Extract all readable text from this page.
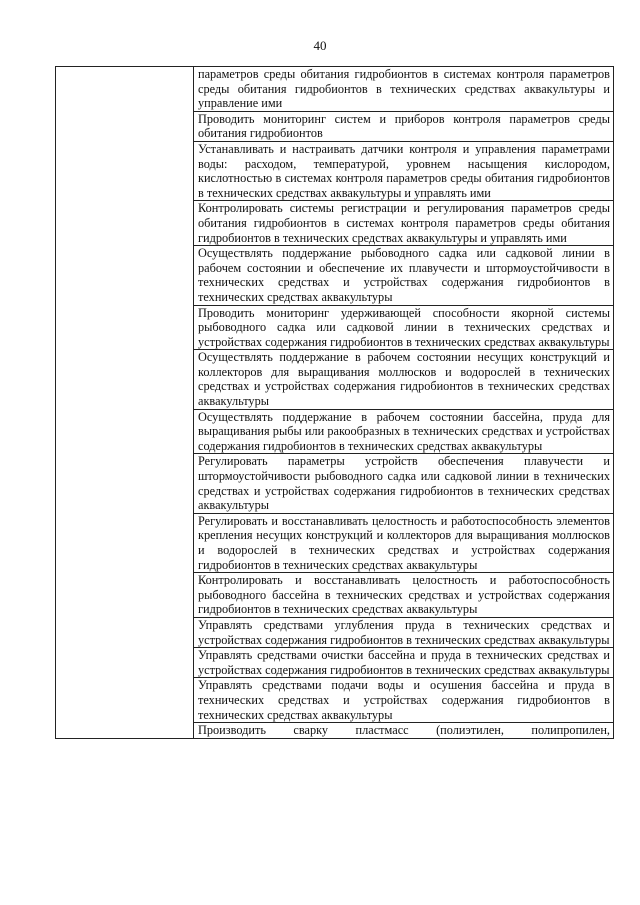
40

параметров среды обитания гидробионтов в системах контроля параметров среды обитания гидробионтов в технических средствах аквакультуры и управление ими

Проводить мониторинг систем и приборов контроля параметров среды обитания гидробионтов

Устанавливать и настраивать датчики контроля и управления параметрами воды: расходом, температурой, уровнем насыщения кислородом, кислотностью в системах контроля параметров среды обитания гидробионтов в технических средствах аквакультуры и управлять ими

Контролировать системы регистрации и регулирования параметров среды обитания гидробионтов в системах контроля параметров среды обитания гидробионтов в технических средствах аквакультуры и управлять ими

Осуществлять поддержание рыбоводного садка или садковой линии в рабочем состоянии и обеспечение их плавучести и штормоустойчивости в технических средствах и устройствах содержания гидробионтов в технических средствах аквакультуры

Проводить мониторинг удерживающей способности якорной системы рыбоводного садка или садковой линии в технических средствах и устройствах содержания гидробионтов в технических средствах аквакультуры

Осуществлять поддержание в рабочем состоянии несущих конструкций и коллекторов для выращивания моллюсков и водорослей в технических средствах и устройствах содержания гидробионтов в технических средствах аквакультуры

Осуществлять поддержание в рабочем состоянии бассейна, пруда для выращивания рыбы или ракообразных в технических средствах и устройствах содержания гидробионтов в технических средствах аквакультуры

Регулировать параметры устройств обеспечения плавучести и штормоустойчивости рыбоводного садка или садковой линии в технических средствах и устройствах содержания гидробионтов в технических средствах аквакультуры

Регулировать и восстанавливать целостность и работоспособность элементов крепления несущих конструкций и коллекторов для выращивания моллюсков и водорослей в технических средствах и устройствах содержания гидробионтов в технических средствах аквакультуры

Контролировать и восстанавливать целостность и работоспособность рыбоводного бассейна в технических средствах и устройствах содержания гидробионтов в технических средствах аквакультуры

Управлять средствами углубления пруда в технических средствах и устройствах содержания гидробионтов в технических средствах аквакультуры

Управлять средствами очистки бассейна и пруда в технических средствах и устройствах содержания гидробионтов в технических средствах аквакультуры

Управлять средствами подачи воды и осушения бассейна и пруда в технических средствах и устройствах содержания гидробионтов в технических средствах аквакультуры

Производить сварку пластмасс (полиэтилен, полипропилен,
